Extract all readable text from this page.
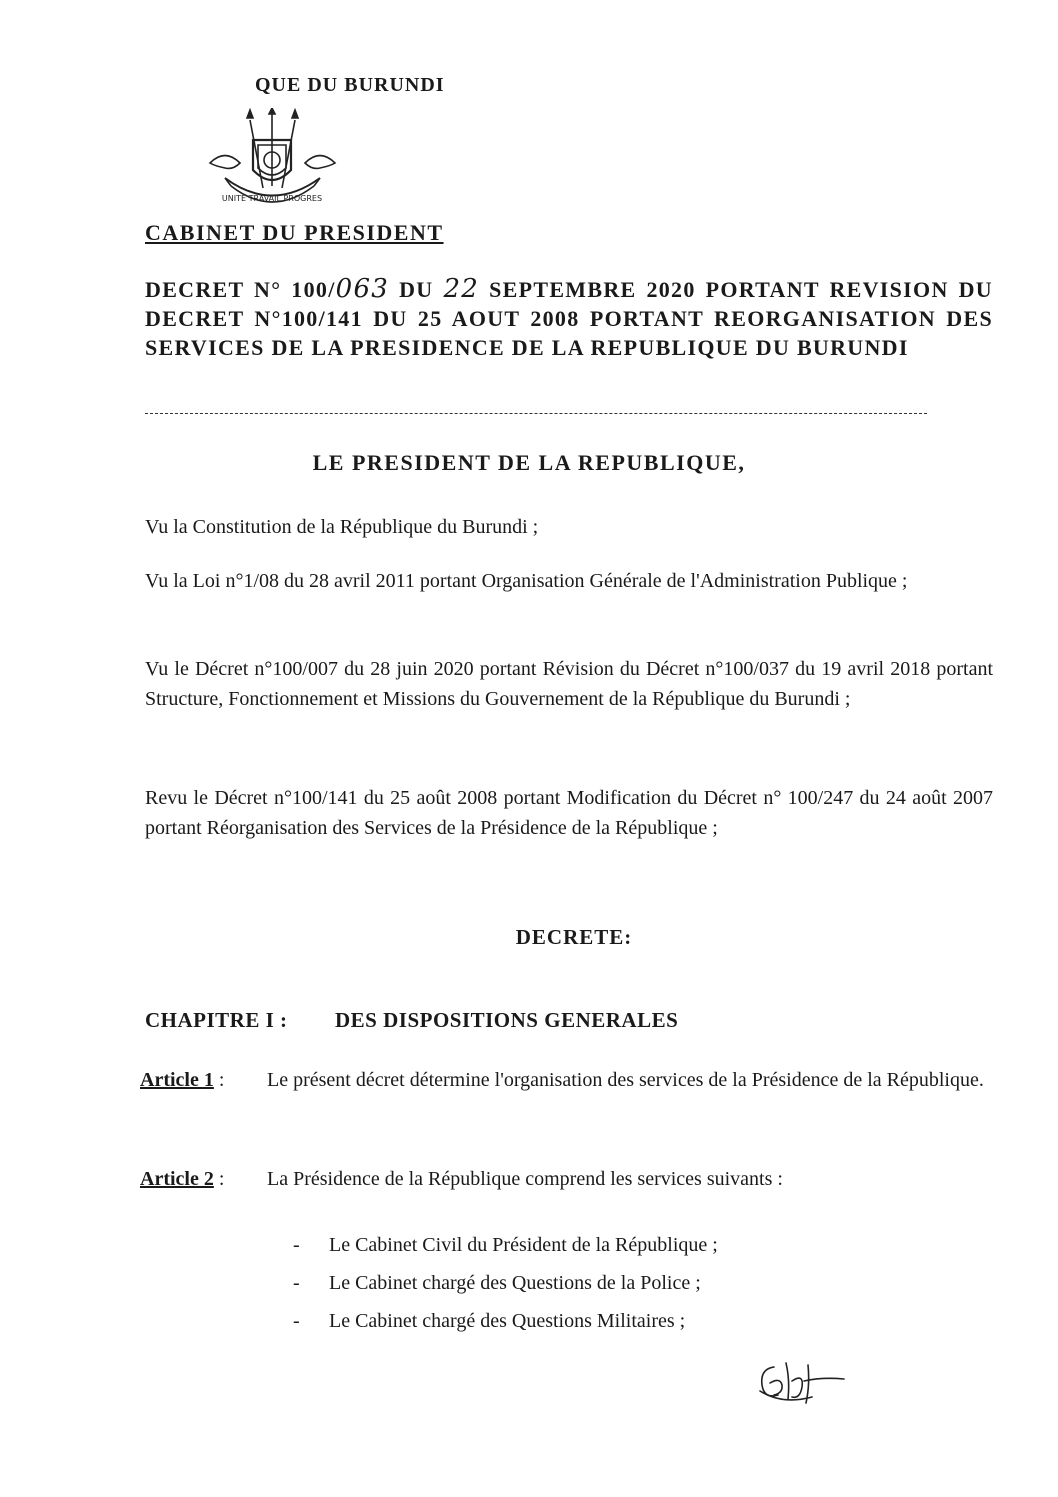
QUE DU BURUNDI
UNITE TRAVAIL PROGRES
CABINET DU PRESIDENT
DECRET N° 100/063 DU 22 SEPTEMBRE 2020 PORTANT REVISION DU DECRET N°100/141 DU 25 AOUT 2008 PORTANT REORGANISATION DES SERVICES DE LA PRESIDENCE DE LA REPUBLIQUE DU BURUNDI
LE PRESIDENT DE LA REPUBLIQUE,
Vu la Constitution de la République du Burundi ;
Vu la Loi n°1/08 du 28 avril 2011 portant Organisation Générale de l'Administration Publique ;
Vu le Décret n°100/007 du 28 juin 2020 portant Révision du Décret n°100/037 du 19 avril 2018 portant Structure, Fonctionnement et Missions du Gouvernement de la République du Burundi ;
Revu le Décret n°100/141 du 25 août 2008 portant Modification du Décret n° 100/247 du 24 août 2007 portant Réorganisation des Services de la Présidence de la République ;
DECRETE:
CHAPITRE I : DES DISPOSITIONS GENERALES
Article 1 :	Le présent décret détermine l'organisation des services de la Présidence de la République.
Article 2 :	La Présidence de la République comprend les services suivants :
- Le Cabinet Civil du Président de la République ;
- Le Cabinet chargé des Questions de la Police ;
- Le Cabinet chargé des Questions Militaires ;
